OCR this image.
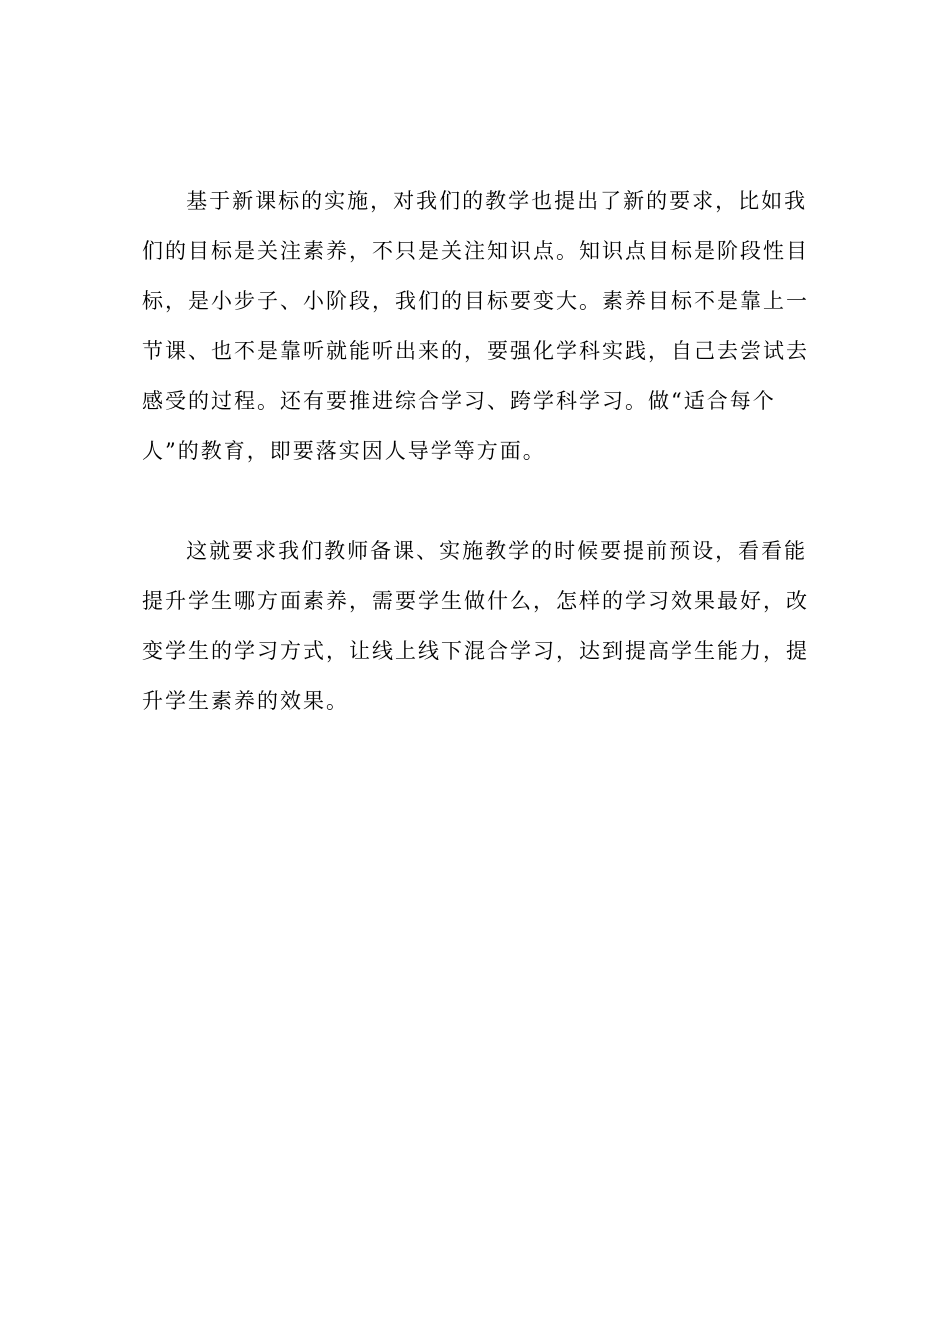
基于新课标的实施，对我们的教学也提出了新的要求，比如我们的目标是关注素养，不只是关注知识点。知识点目标是阶段性目标，是小步子、小阶段，我们的目标要变大。素养目标不是靠上一节课、也不是靠听就能听出来的，要强化学科实践，自己去尝试去感受的过程。还有要推进综合学习、跨学科学习。做“适合每个人”的教育，即要落实因人导学等方面。

这就要求我们教师备课、实施教学的时候要提前预设，看看能提升学生哪方面素养，需要学生做什么，怎样的学习效果最好，改变学生的学习方式，让线上线下混合学习，达到提高学生能力，提升学生素养的效果。
